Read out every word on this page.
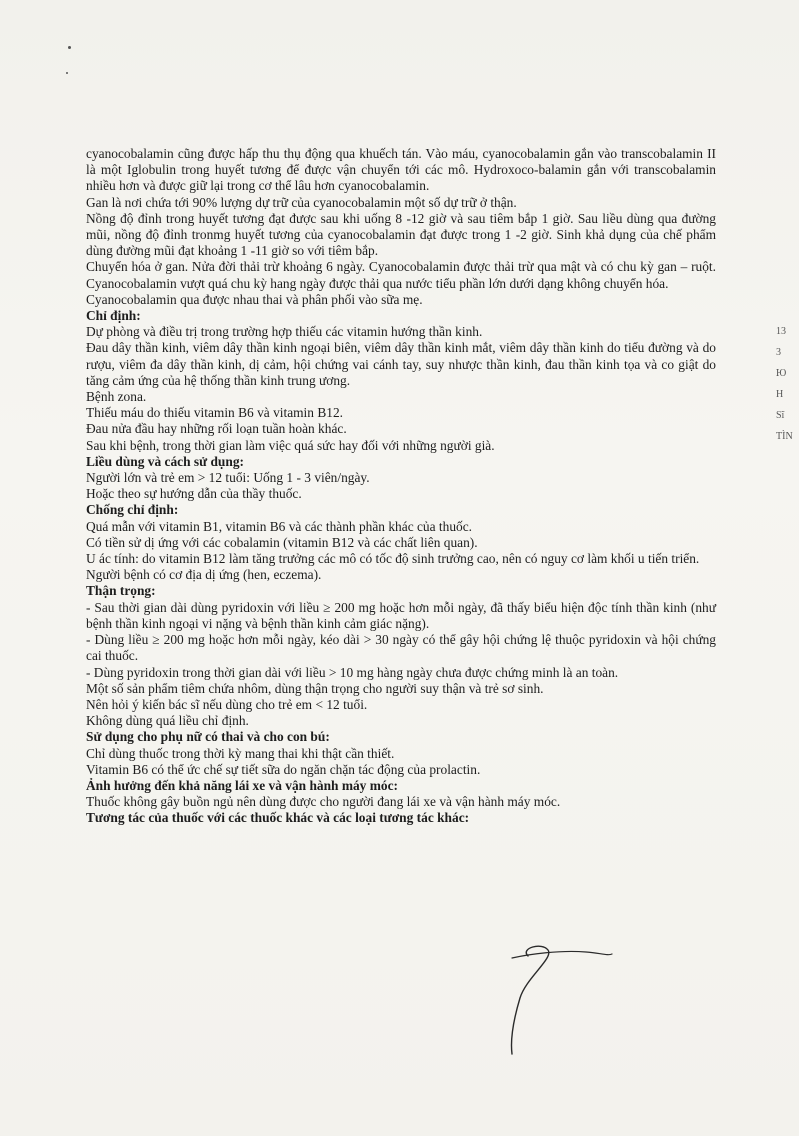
cyanocobalamin cũng được hấp thu thụ động qua khuếch tán. Vào máu, cyanocobalamin gắn vào transcobalamin II là một Iglobulin trong huyết tương để được vận chuyển tới các mô. Hydroxoco-balamin gắn với transcobalamin nhiều hơn và được giữ lại trong cơ thể lâu hơn cyanocobalamin.

Gan là nơi chứa tới 90% lượng dự trữ của cyanocobalamin một số dự trữ ở thận.

Nồng độ đỉnh trong huyết tương đạt được sau khi uống 8 -12 giờ và sau tiêm bắp 1 giờ. Sau liều dùng qua đường mũi, nồng độ đỉnh tronmg huyết tương của cyanocobalamin đạt được trong 1 -2 giờ. Sinh khả dụng của chế phẩm dùng đường mũi đạt khoảng 1 -11 giờ so với tiêm bắp.

Chuyển hóa ở gan. Nửa đời thải trừ khoảng 6 ngày. Cyanocobalamin được thải trừ qua mật và có chu kỳ gan – ruột. Cyanocobalamin vượt quá chu kỳ hang ngày được thải qua nước tiểu phần lớn dưới dạng không chuyển hóa.

Cyanocobalamin qua được nhau thai và phân phối vào sữa mẹ.

Chỉ định:

Dự phòng và điều trị trong trường hợp thiếu các vitamin hướng thần kinh.

Đau dây thần kinh, viêm dây thần kinh ngoại biên, viêm dây thần kinh mắt, viêm dây thần kinh do tiểu đường và do rượu, viêm đa dây thần kinh, dị cảm, hội chứng vai cánh tay, suy nhược thần kinh, đau thần kinh tọa và co giật do tăng cảm ứng của hệ thống thần kinh trung ương.

Bệnh zona.

Thiếu máu do thiếu vitamin B6 và vitamin B12.

Đau nửa đầu hay những rối loạn tuần hoàn khác.

Sau khi bệnh, trong thời gian làm việc quá sức hay đối với những người già.

Liều dùng và cách sử dụng:

Người lớn và trẻ em > 12 tuổi: Uống 1 - 3 viên/ngày.

Hoặc theo sự hướng dẫn của thầy thuốc.

Chống chỉ định:

Quá mẫn với vitamin B1, vitamin B6 và các thành phần khác của thuốc.

Có tiền sử dị ứng với các cobalamin (vitamin B12 và các chất liên quan).

U ác tính: do vitamin B12 làm tăng trưởng các mô có tốc độ sinh trưởng cao, nên có nguy cơ làm khối u tiến triển.

Người bệnh có cơ địa dị ứng (hen, eczema).

Thận trọng:

- Sau thời gian dài dùng pyridoxin với liều ≥ 200 mg hoặc hơn mỗi ngày, đã thấy biểu hiện độc tính thần kinh (như bệnh thần kinh ngoại vi nặng và bệnh thần kinh cảm giác nặng).

- Dùng liều ≥ 200 mg hoặc hơn mỗi ngày, kéo dài > 30 ngày có thể gây hội chứng lệ thuộc pyridoxin và hội chứng cai thuốc.

- Dùng pyridoxin trong thời gian dài với liều > 10 mg hàng ngày chưa được chứng minh là an toàn.

Một số sản phẩm tiêm chứa nhôm, dùng thận trọng cho người suy thận và trẻ sơ sinh.

Nên hỏi ý kiến bác sĩ nếu dùng cho trẻ em < 12 tuổi.

Không dùng quá liều chỉ định.

Sử dụng cho phụ nữ có thai và cho con bú:

Chỉ dùng thuốc trong thời kỳ mang thai khi thật cần thiết.

Vitamin B6 có thể ức chế sự tiết sữa do ngăn chặn tác động của prolactin.

Ảnh hưởng đến khả năng lái xe và vận hành máy móc:

Thuốc không gây buồn ngủ nên dùng được cho người đang lái xe và vận hành máy móc.

Tương tác của thuốc với các thuốc khác và các loại tương tác khác:

13
3
Ю
H
Sĩ
TÌN
